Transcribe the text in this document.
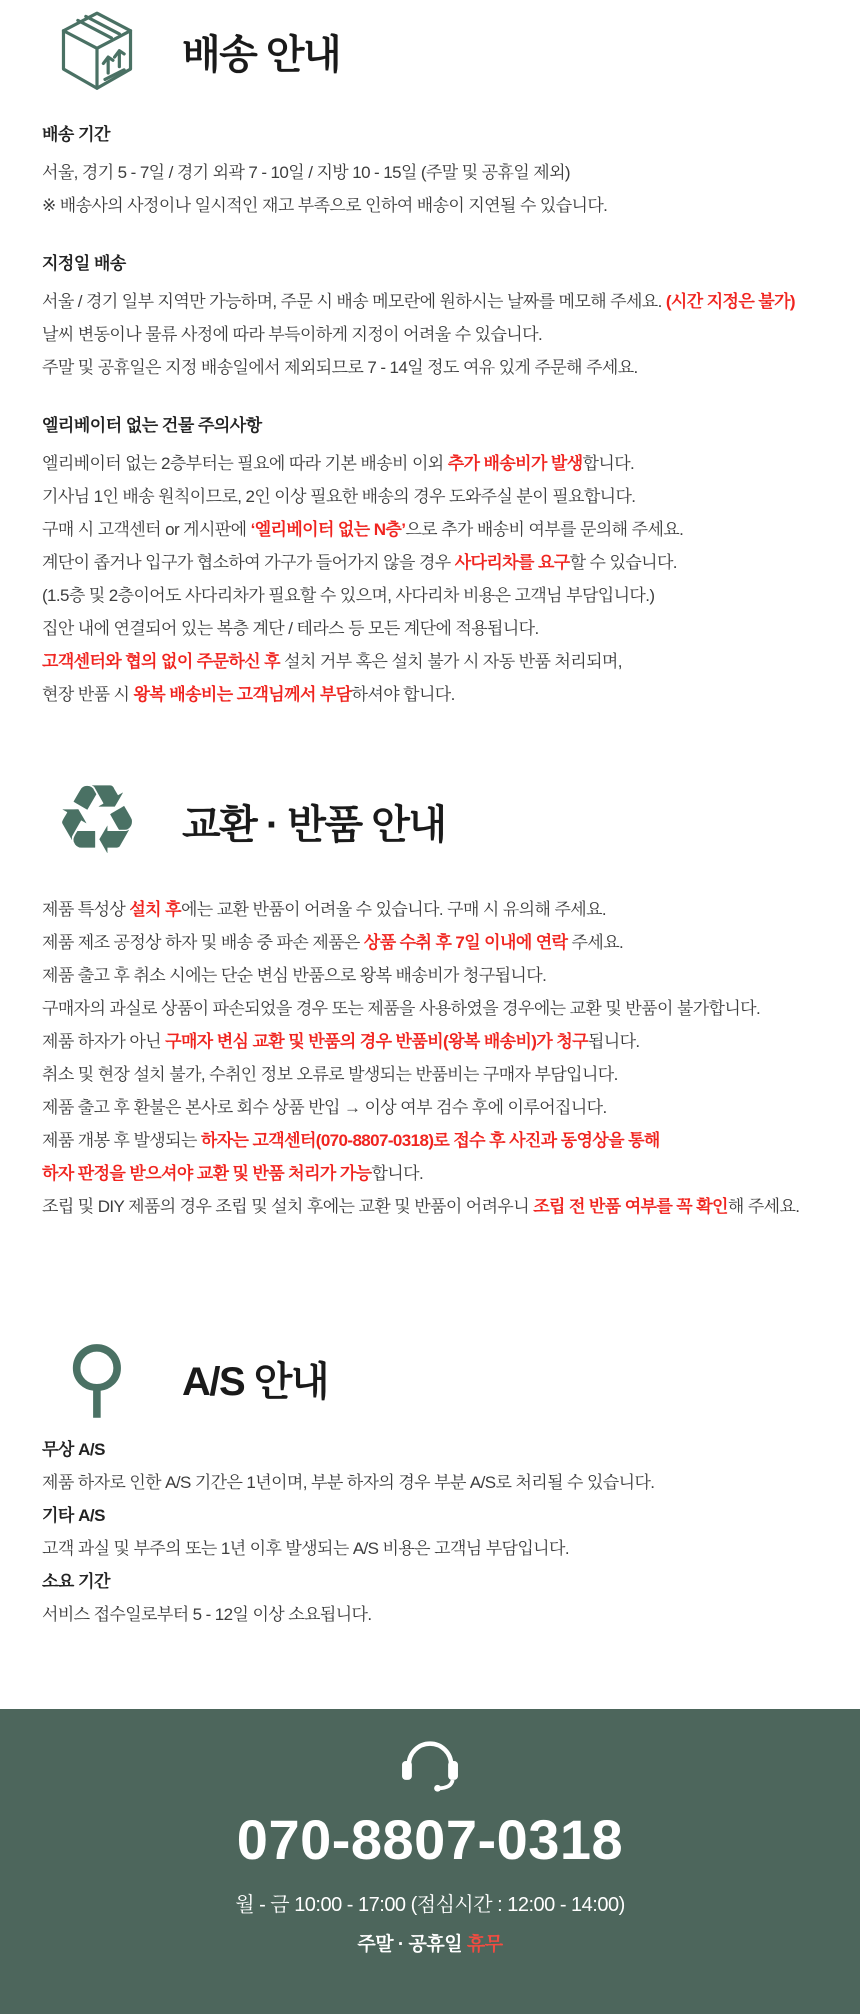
배송 안내
배송 기간

서울, 경기 5 - 7일 / 경기 외곽 7 - 10일 / 지방 10 - 15일 (주말 및 공휴일 제외)

※ 배송사의 사정이나 일시적인 재고 부족으로 인하여 배송이 지연될 수 있습니다.

지정일 배송

서울 / 경기 일부 지역만 가능하며, 주문 시 배송 메모란에 원하시는 날짜를 메모해 주세요. (시간 지정은 불가)

날씨 변동이나 물류 사정에 따라 부득이하게 지정이 어려울 수 있습니다.

주말 및 공휴일은 지정 배송일에서 제외되므로 7 - 14일 정도 여유 있게 주문해 주세요.

엘리베이터 없는 건물 주의사항

엘리베이터 없는 2층부터는 필요에 따라 기본 배송비 이외 추가 배송비가 발생합니다.

기사님 1인 배송 원칙이므로, 2인 이상 필요한 배송의 경우 도와주실 분이 필요합니다.

구매 시 고객센터 or 게시판에 ‘엘리베이터 없는 N층’으로 추가 배송비 여부를 문의해 주세요.

계단이 좁거나 입구가 협소하여 가구가 들어가지 않을 경우 사다리차를 요구할 수 있습니다.

(1.5층 및 2층이어도 사다리차가 필요할 수 있으며, 사다리차 비용은 고객님 부담입니다.)

집안 내에 연결되어 있는 복층 계단 / 테라스 등 모든 계단에 적용됩니다.

고객센터와 협의 없이 주문하신 후 설치 거부 혹은 설치 불가 시 자동 반품 처리되며,

현장 반품 시 왕복 배송비는 고객님께서 부담하셔야 합니다.

♻ 교환 · 반품 안내

제품 특성상 설치 후에는 교환 반품이 어려울 수 있습니다. 구매 시 유의해 주세요.

제품 제조 공정상 하자 및 배송 중 파손 제품은 상품 수취 후 7일 이내에 연락 주세요.

제품 출고 후 취소 시에는 단순 변심 반품으로 왕복 배송비가 청구됩니다.

구매자의 과실로 상품이 파손되었을 경우 또는 제품을 사용하였을 경우에는 교환 및 반품이 불가합니다.

제품 하자가 아닌 구매자 변심 교환 및 반품의 경우 반품비(왕복 배송비)가 청구됩니다.

취소 및 현장 설치 불가, 수취인 정보 오류로 발생되는 반품비는 구매자 부담입니다.

제품 출고 후 환불은 본사로 회수 상품 반입 → 이상 여부 검수 후에 이루어집니다.

제품 개봉 후 발생되는 하자는 고객센터(070-8807-0318)로 접수 후 사진과 동영상을 통해

하자 판정을 받으셔야 교환 및 반품 처리가 가능합니다.

조립 및 DIY 제품의 경우 조립 및 설치 후에는 교환 및 반품이 어려우니 조립 전 반품 여부를 꼭 확인해 주세요.

⚲	A/S 안내
무상 A/S

제품 하자로 인한 A/S 기간은 1년이며, 부분 하자의 경우 부분 A/S로 처리될 수 있습니다.

기타 A/S

고객 과실 및 부주의 또는 1년 이후 발생되는 A/S 비용은 고객님 부담입니다.

소요 기간

서비스 접수일로부터 5 - 12일 이상 소요됩니다.

070-8807-0318
월 - 금 10:00 - 17:00 (점심시간 : 12:00 - 14:00)
주말 · 공휴일 휴무
